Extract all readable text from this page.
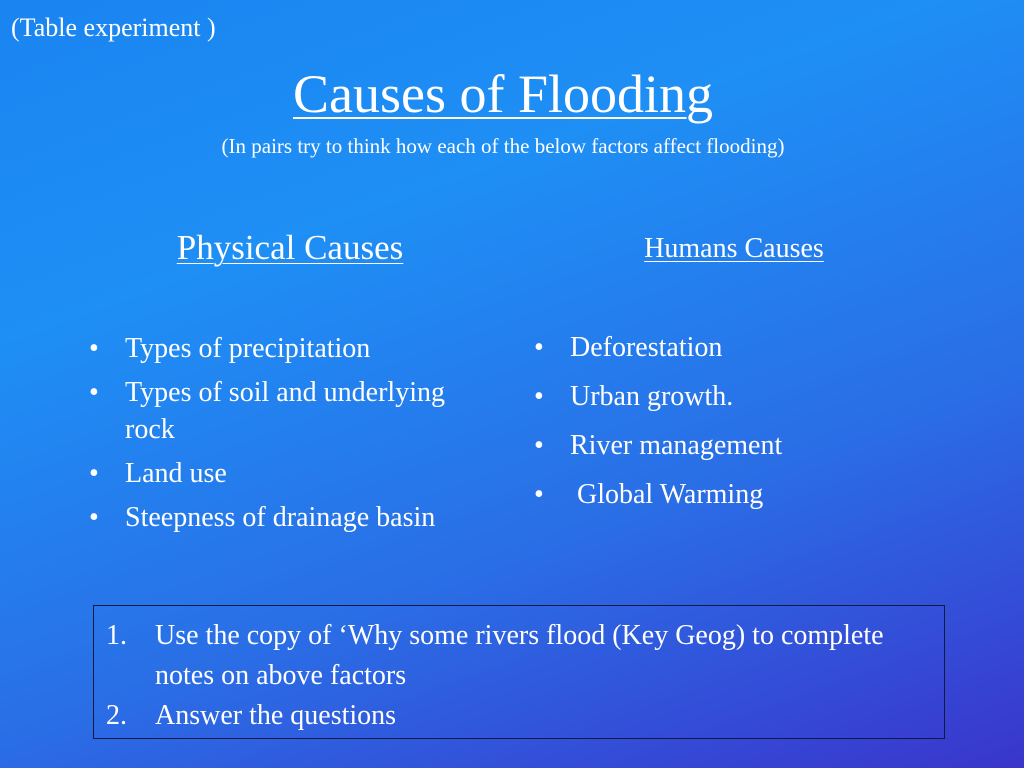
(Table experiment )
Causes of Flooding
(In pairs try to think how each of the below factors affect flooding)
Physical Causes	Humans Causes
• Types of precipitation
• Types of soil and underlying rock
• Land use
• Steepness of drainage basin
• Deforestation
• Urban growth.
• River management
•  Global Warming
1. Use the copy of ‘Why some rivers flood (Key Geog) to complete notes on above factors
2. Answer the questions
